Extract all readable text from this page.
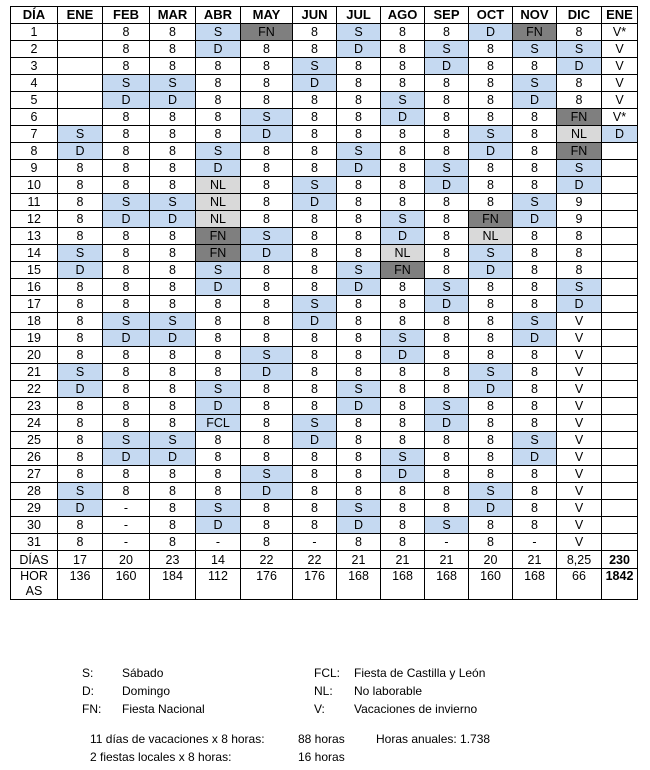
DÍA	ENE	FEB	MAR	ABR	MAY	JUN	JUL	AGO	SEP	OCT	NOV	DIC	ENE
1		8	8	S	FN	8	S	8	8	D	FN	8	V*
2		8	8	D	8	8	D	8	S	8	S	S	V
3		8	8	8	8	S	8	8	D	8	8	D	V
4		S	S	8	8	D	8	8	8	8	S	8	V
5		D	D	8	8	8	8	S	8	8	D	8	V
6		8	8	8	S	8	8	D	8	8	8	FN	V*
7	S	8	8	8	D	8	8	8	8	S	8	NL	D
8	D	8	8	S	8	8	S	8	8	D	8	FN	
9	8	8	8	D	8	8	D	8	S	8	8	S	
10	8	8	8	NL	8	S	8	8	D	8	8	D	
11	8	S	S	NL	8	D	8	8	8	8	S	9	
12	8	D	D	NL	8	8	8	S	8	FN	D	9	
13	8	8	8	FN	S	8	8	D	8	NL	8	8	
14	S	8	8	FN	D	8	8	NL	8	S	8	8	
15	D	8	8	S	8	8	S	FN	8	D	8	8	
16	8	8	8	D	8	8	D	8	S	8	8	S	
17	8	8	8	8	8	S	8	8	D	8	8	D	
18	8	S	S	8	8	D	8	8	8	8	S	V	
19	8	D	D	8	8	8	8	S	8	8	D	V	
20	8	8	8	8	S	8	8	D	8	8	8	V	
21	S	8	8	8	D	8	8	8	8	S	8	V	
22	D	8	8	S	8	8	S	8	8	D	8	V	
23	8	8	8	D	8	8	D	8	S	8	8	V	
24	8	8	8	FCL	8	S	8	8	D	8	8	V	
25	8	S	S	8	8	D	8	8	8	8	S	V	
26	8	D	D	8	8	8	8	S	8	8	D	V	
27	8	8	8	8	S	8	8	D	8	8	8	V	
28	S	8	8	8	D	8	8	8	8	S	8	V	
29	D	-	8	S	8	8	S	8	8	D	8	V	
30	8	-	8	D	8	8	D	8	S	8	8	V	
31	8	-	8	-	8	-	8	8	-	8	-	V	
DÍAS	17	20	23	14	22	22	21	21	21	20	21	8,25	230
HOR AS	136	160	184	112	176	176	168	168	168	160	168	66	1842
S: Sábado	FCL: Fiesta de Castilla y León
D: Domingo	NL: No laborable
FN: Fiesta Nacional	V: Vacaciones de invierno
11 días de vacaciones x 8 horas:	88 horas	Horas anuales: 1.738
2 fiestas locales x 8 horas:	16 horas
